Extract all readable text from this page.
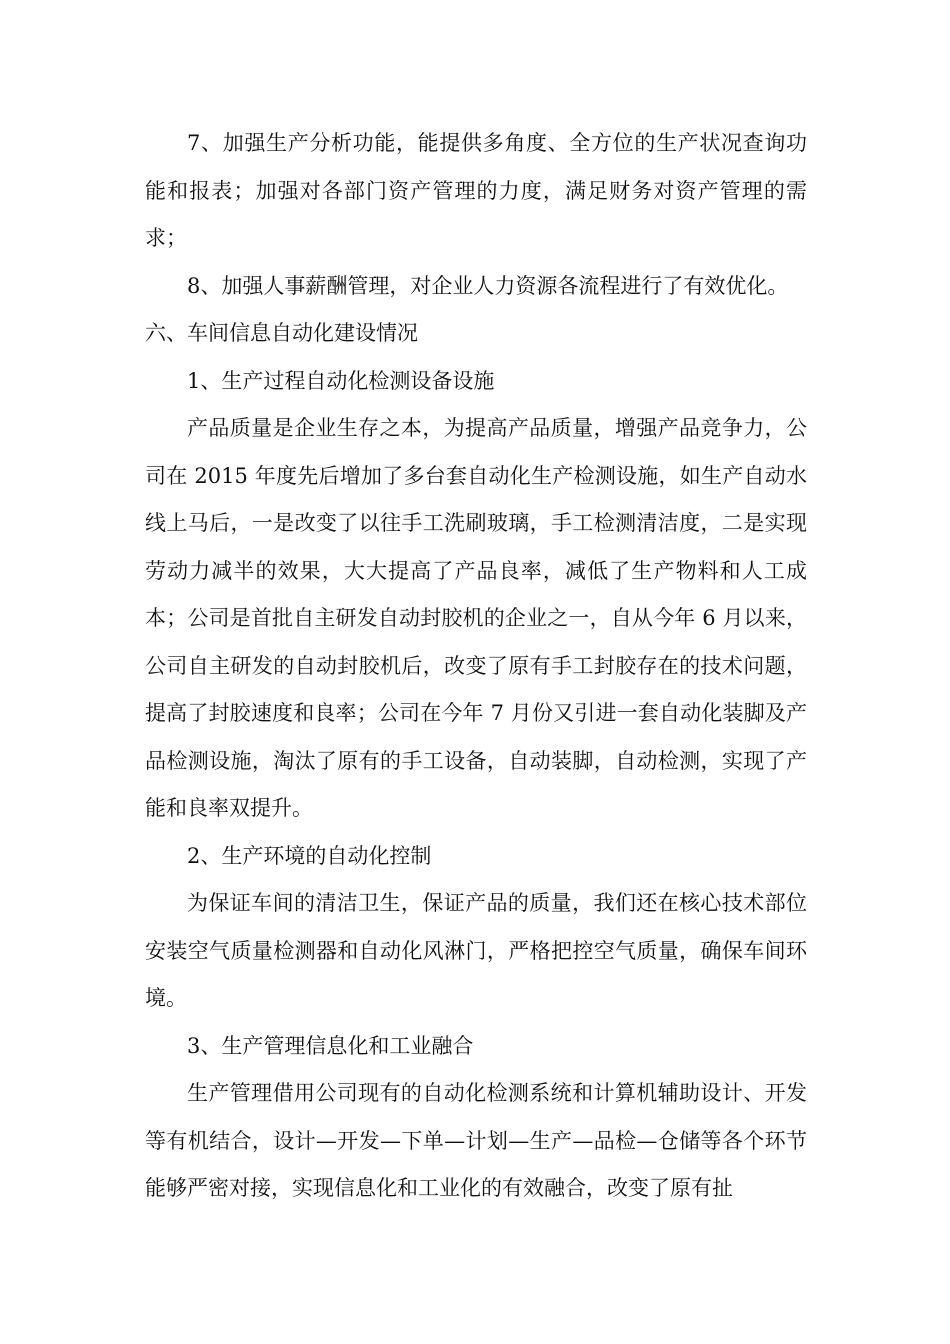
7、加强生产分析功能，能提供多角度、全方位的生产状况查询功能和报表；加强对各部门资产管理的力度，满足财务对资产管理的需求；

8、加强人事薪酬管理，对企业人力资源各流程进行了有效优化。

六、车间信息自动化建设情况

1、生产过程自动化检测设备设施

产品质量是企业生存之本，为提高产品质量，增强产品竞争力，公司在 2015 年度先后增加了多台套自动化生产检测设施，如生产自动水线上马后，一是改变了以往手工洗刷玻璃，手工检测清洁度，二是实现劳动力减半的效果，大大提高了产品良率，减低了生产物料和人工成本；公司是首批自主研发自动封胶机的企业之一，自从今年 6 月以来，公司自主研发的自动封胶机后，改变了原有手工封胶存在的技术问题，提高了封胶速度和良率；公司在今年 7 月份又引进一套自动化装脚及产品检测设施，淘汰了原有的手工设备，自动装脚，自动检测，实现了产能和良率双提升。

2、生产环境的自动化控制

为保证车间的清洁卫生，保证产品的质量，我们还在核心技术部位安装空气质量检测器和自动化风淋门，严格把控空气质量，确保车间环境。

3、生产管理信息化和工业融合

生产管理借用公司现有的自动化检测系统和计算机辅助设计、开发等有机结合，设计—开发—下单—计划—生产—品检—仓储等各个环节能够严密对接，实现信息化和工业化的有效融合，改变了原有扯
